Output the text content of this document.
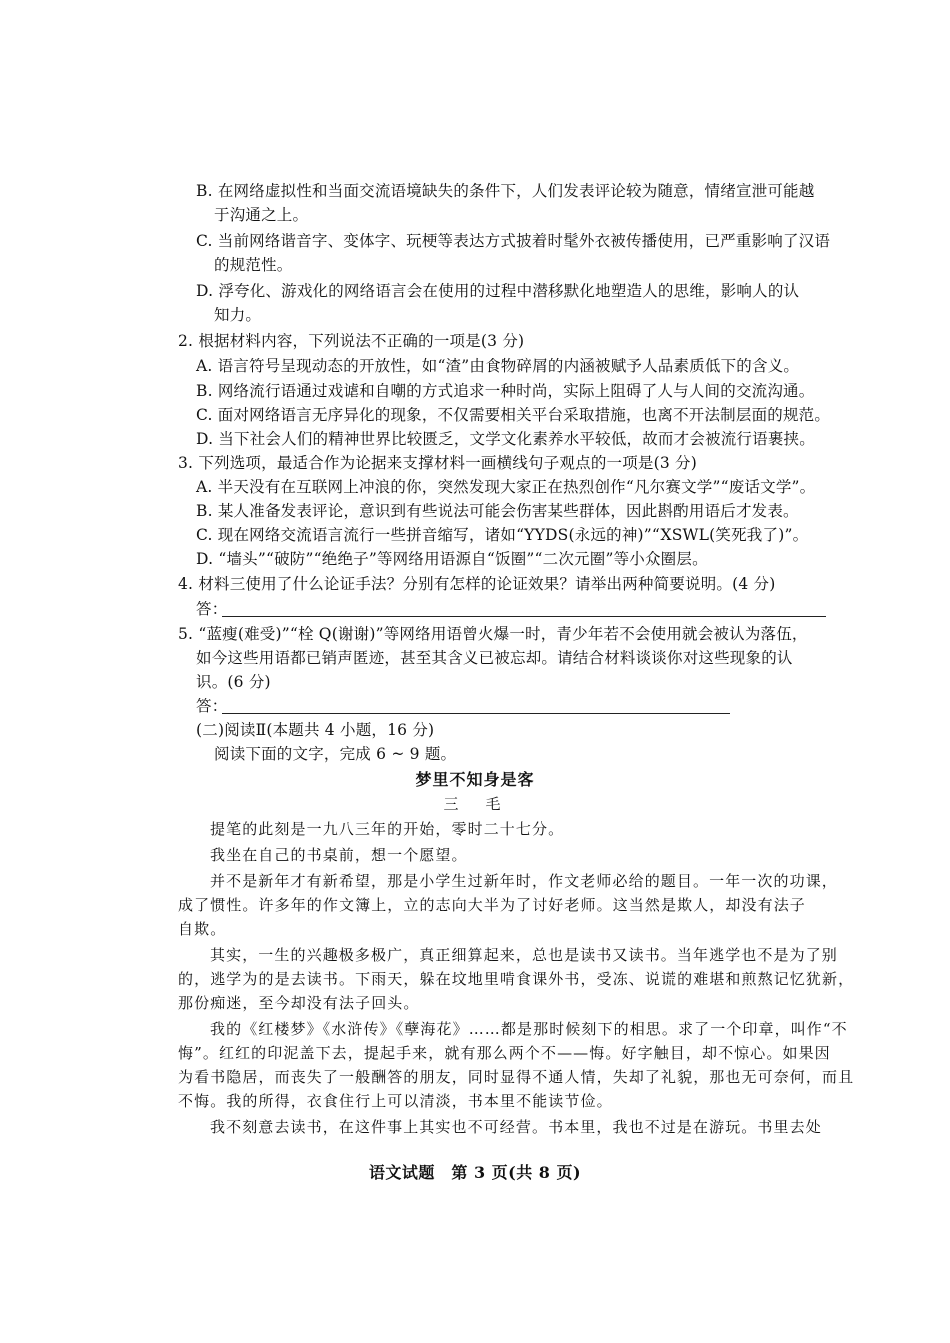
B. 在网络虚拟性和当面交流语境缺失的条件下，人们发表评论较为随意，情绪宣泄可能越
于沟通之上。
C. 当前网络谐音字、变体字、玩梗等表达方式披着时髦外衣被传播使用，已严重影响了汉语
的规范性。
D. 浮夸化、游戏化的网络语言会在使用的过程中潜移默化地塑造人的思维，影响人的认
知力。
2. 根据材料内容，下列说法不正确的一项是(3 分)
A. 语言符号呈现动态的开放性，如“渣”由食物碎屑的内涵被赋予人品素质低下的含义。
B. 网络流行语通过戏谑和自嘲的方式追求一种时尚，实际上阻碍了人与人间的交流沟通。
C. 面对网络语言无序异化的现象，不仅需要相关平台采取措施，也离不开法制层面的规范。
D. 当下社会人们的精神世界比较匮乏，文学文化素养水平较低，故而才会被流行语裹挟。
3. 下列选项，最适合作为论据来支撑材料一画横线句子观点的一项是(3 分)
A. 半天没有在互联网上冲浪的你，突然发现大家正在热烈创作“凡尔赛文学”“废话文学”。
B. 某人准备发表评论，意识到有些说法可能会伤害某些群体，因此斟酌用语后才发表。
C. 现在网络交流语言流行一些拼音缩写，诸如“YYDS(永远的神)”“XSWL(笑死我了)”。
D. “墙头”“破防”“绝绝子”等网络用语源自“饭圈”“二次元圈”等小众圈层。
4. 材料三使用了什么论证手法？分别有怎样的论证效果？请举出两种简要说明。(4 分)
答：
5. “蓝瘦(难受)”“栓 Q(谢谢)”等网络用语曾火爆一时，青少年若不会使用就会被认为落伍，
如今这些用语都已销声匿迹，甚至其含义已被忘却。请结合材料谈谈你对这些现象的认
识。(6 分)
答：
(二)阅读Ⅱ(本题共 4 小题，16 分)
阅读下面的文字，完成 6 ~ 9 题。
梦里不知身是客
三　毛
提笔的此刻是一九八三年的开始，零时二十七分。
我坐在自己的书桌前，想一个愿望。
并不是新年才有新希望，那是小学生过新年时，作文老师必给的题目。一年一次的功课，
成了惯性。许多年的作文簿上，立的志向大半为了讨好老师。这当然是欺人，却没有法子
自欺。
其实，一生的兴趣极多极广，真正细算起来，总也是读书又读书。当年逃学也不是为了别
的，逃学为的是去读书。下雨天，躲在坟地里啃食课外书，受冻、说谎的难堪和煎熬记忆犹新，
那份痴迷，至今却没有法子回头。
我的《红楼梦》《水浒传》《孽海花》……都是那时候刻下的相思。求了一个印章，叫作“不
悔”。红红的印泥盖下去，提起手来，就有那么两个不——悔。好字触目，却不惊心。如果因
为看书隐居，而丧失了一般酬答的朋友，同时显得不通人情，失却了礼貌，那也无可奈何，而且
不悔。我的所得，衣食住行上可以清淡，书本里不能读节俭。
我不刻意去读书，在这件事上其实也不可经营。书本里，我也不过是在游玩。书里去处
语文试题　第 3 页(共 8 页)
